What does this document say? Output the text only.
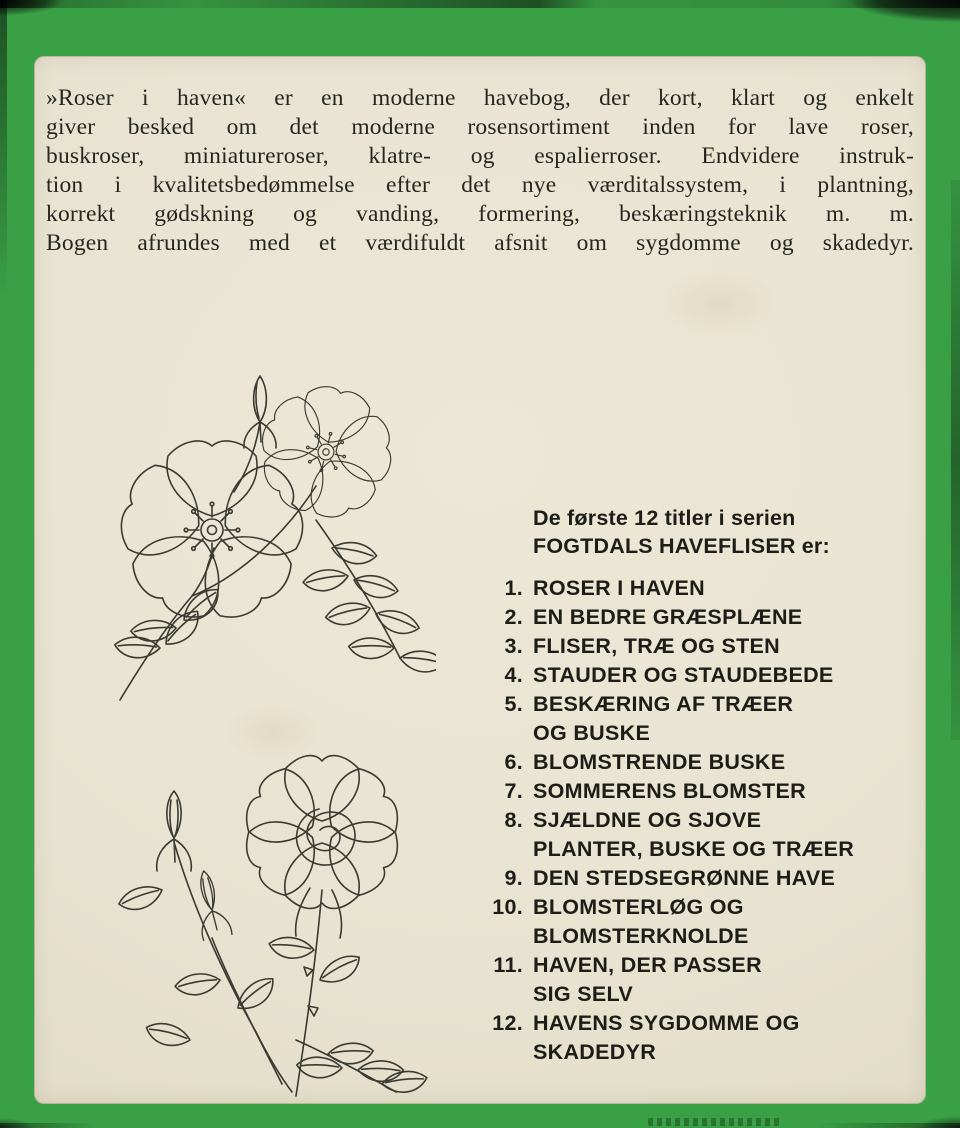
»Roser i haven« er en moderne havebog, der kort, klart og enkelt
giver besked om det moderne rosensortiment inden for lave roser,
buskroser, miniatureroser, klatre- og espalierroser. Endvidere instruk-
tion i kvalitetsbedømmelse efter det nye værditalssystem, i plantning,
korrekt gødskning og vanding, formering, beskæringsteknik m. m.
Bogen afrundes med et værdifuldt afsnit om sygdomme og skadedyr.
De første 12 titler i serien
FOGTDALS HAVEFLISER er:
1. ROSER I HAVEN
2. EN BEDRE GRÆSPLÆNE
3. FLISER, TRÆ OG STEN
4. STAUDER OG STAUDEBEDE
5. BESKÆRING AF TRÆER
OG BUSKE
6. BLOMSTRENDE BUSKE
7. SOMMERENS BLOMSTER
8. SJÆLDNE OG SJOVE
PLANTER, BUSKE OG TRÆER
9. DEN STEDSEGRØNNE HAVE
10. BLOMSTERLØG OG
BLOMSTERKNOLDE
11. HAVEN, DER PASSER
SIG SELV
12. HAVENS SYGDOMME OG
SKADEDYR
